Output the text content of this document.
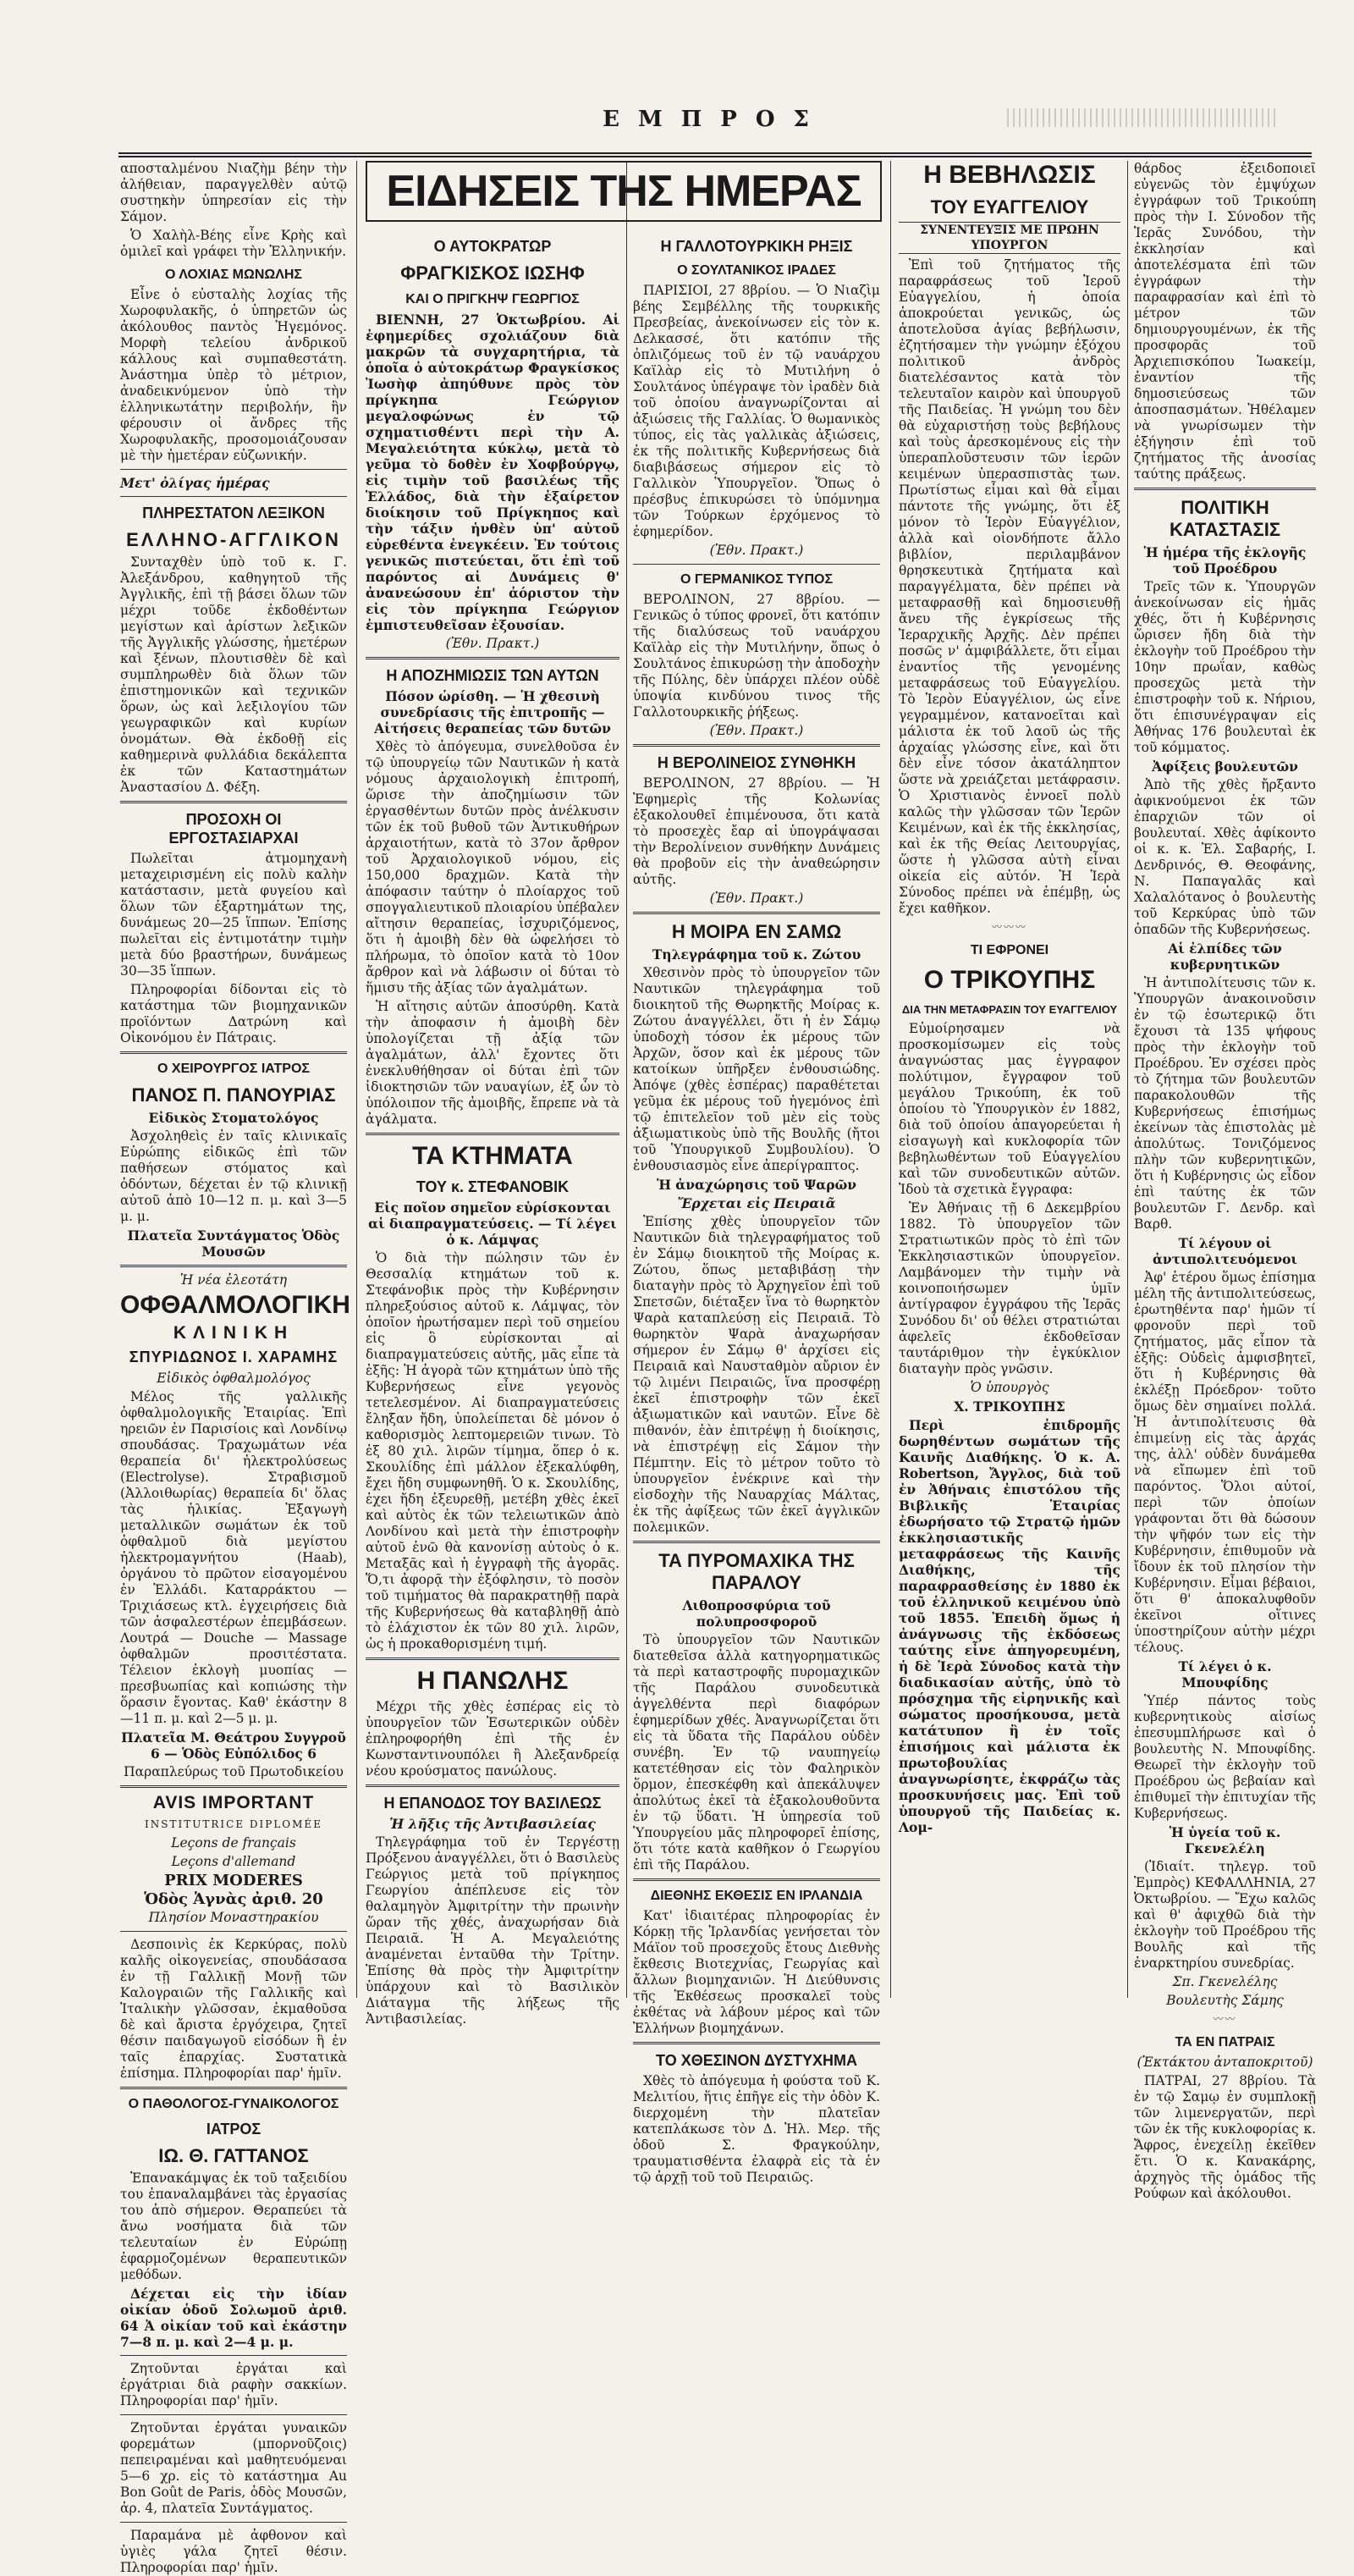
ΕΜΠΡΟΣ

αποσταλμένου Νιαζὴμ βέην τὴν ἀλήθειαν, παραγγελθὲν αὐτῷ συστηκὴν ὑπηρεσίαν εἰς τὴν Σάμον.

Ὁ Χαλὴλ-Βέης εἶνε Κρὴς καὶ ὁμιλεῖ καὶ γράφει τὴν Ἑλληνικήν.

Ο ΛΟΧΙΑΣ ΜΩΝΩΛΗΣ

Εἶνε ὁ εὐσταλὴς λοχίας τῆς Χωροφυλακῆς, ὁ ὑπηρετῶν ὡς ἀκόλουθος παντὸς Ἡγεμόνος. Μορφὴ τελείου ἀνδρικοῦ κάλλους καὶ συμπαθεστάτη. Ἀνάστημα ὑπὲρ τὸ μέτριον, ἀναδεικνύμενον ὑπὸ τὴν ἑλληνικωτάτην περιβολήν, ἣν φέρουσιν οἱ ἄνδρες τῆς Χωροφυλακῆς, προσομοιάζουσαν μὲ τὴν ἡμετέραν εὐζωνικήν.

Μετ' ὀλίγας ἡμέρας

ΠΛΗΡΕΣΤΑΤΟΝ ΛΕΞΙΚΟΝ
ΕΛΛΗΝΟ-ΑΓΓΛΙΚΟΝ

Συνταχθὲν ὑπὸ τοῦ κ. Γ. Ἀλεξάνδρου, καθηγητοῦ τῆς Ἀγγλικῆς, ἐπὶ τῇ βάσει ὅλων τῶν μέχρι τοῦδε ἐκδοθέντων μεγίστων καὶ ἀρίστων λεξικῶν τῆς Ἀγγλικῆς γλώσσης, ἡμετέρων καὶ ξένων, πλουτισθὲν δὲ καὶ συμπληρωθὲν διὰ ὅλων τῶν ἐπιστημονικῶν καὶ τεχνικῶν ὅρων, ὡς καὶ λεξιλογίου τῶν γεωγραφικῶν καὶ κυρίων ὀνομάτων. Θὰ ἐκδοθῇ εἰς καθημερινὰ φυλλάδια δεκάλεπτα ἐκ τῶν Καταστημάτων Ἀναστασίου Δ. Φέξη.

ΠΡΟΣΟΧΗ ΟΙ ΕΡΓΟΣΤΑΣΙΑΡΧΑΙ

Πωλεῖται ἀτμομηχανὴ μεταχειρισμένη εἰς πολὺ καλὴν κατάστασιν, μετὰ φυγείου καὶ ὅλων τῶν ἐξαρτημάτων της, δυνάμεως 20—25 ἵππων. Ἐπίσης πωλεῖται εἰς ἐντιμοτάτην τιμὴν μετὰ δύο βραστήρων, δυνάμεως 30—35 ἵππων.

Πληροφορίαι δίδονται εἰς τὸ κατάστημα τῶν βιομηχανικῶν προϊόντων Δατρώνη καὶ Οἰκονόμου ἐν Πάτραις.

Ο ΧΕΙΡΟΥΡΓΟΣ ΙΑΤΡΟΣ
ΠΑΝΟΣ Π. ΠΑΝΟΥΡΙΑΣ

Εἰδικὸς Στοματολόγος

Ἀσχοληθεὶς ἐν ταῖς κλινικαῖς Εὐρώπης εἰδικῶς ἐπὶ τῶν παθήσεων στόματος καὶ ὀδόντων, δέχεται ἐν τῷ κλινικῇ αὐτοῦ ἀπὸ 10—12 π. μ. καὶ 3—5 μ. μ.

Πλατεῖα Συντάγματος Ὁδὸς Μουσῶν

Ἡ νέα ἐλεοτάτη

ΟΦΘΑΛΜΟΛΟΓΙΚΗ
ΚΛΙΝΙΚΗ
ΣΠΥΡΙΔΩΝΟΣ Ι. ΧΑΡΑΜΗΣ

Εἰδικὸς ὀφθαλμολόγος

Μέλος τῆς γαλλικῆς ὀφθαλμολογικῆς Ἑταιρίας. Ἐπὶ ηρειῶν ἐν Παρισίοις καὶ Λονδίνῳ σπουδάσας. Τραχωμάτων νέα θεραπεία δι' ἠλεκτρολύσεως (Electrolyse). Στραβισμοῦ (Ἀλλοιθωρίας) θεραπεία δι' ὅλας τὰς ἡλικίας. Ἐξαγωγὴ μεταλλικῶν σωμάτων ἐκ τοῦ ὀφθαλμοῦ διὰ μεγίστου ἠλεκτρομαγνήτου (Haab), ὀργάνου τὸ πρῶτον εἰσαγομένου ἐν Ἑλλάδι. Καταρράκτου — Τριχιάσεως κτλ. ἐγχειρήσεις διὰ τῶν ἀσφαλεστέρων ἐπεμβάσεων. Λουτρά — Douche — Massage ὀφθαλμῶν προσιτέστατα. Τέλειον ἐκλογὴ μυοπίας — πρεσβυωπίας καὶ κοπιώσης τὴν ὅρασιν ἔγοντας. Καθ' ἑκάστην 8—11 π. μ. καὶ 2—5 μ. μ.

Πλατεῖα Μ. Θεάτρου Συγγροῦ 6 — Ὁδὸς Εὐπόλιδος 6

Παραπλεύρως τοῦ Πρωτοδικείου

AVIS IMPORTANT

INSTITUTRICE DIPLOMÉE

Leçons de français

Leçons d'allemand

PRIX MODERES

Ὁδὸς Ἁγνὰς ἀριθ. 20

Πλησίον Μοναστηρακίου

Δεσποινὶς ἐκ Κερκύρας, πολὺ καλῆς οἰκογενείας, σπουδάσασα ἐν τῇ Γαλλικῇ Μονῇ τῶν Καλογραιῶν τῆς Γαλλικῆς καὶ Ἰταλικὴν γλῶσσαν, ἐκμαθοῦσα δὲ καὶ ἄριστα ἐργόχειρα, ζητεῖ θέσιν παιδαγωγοῦ εἰσόδων ἢ ἐν ταῖς ἐπαρχίας. Συστατικὰ ἐπίσημα. Πληροφορίαι παρ' ἡμῖν.

Ο ΠΑΘΟΛΟΓΟΣ-ΓΥΝΑΙΚΟΛΟΓΟΣ
ΙΑΤΡΟΣ
ΙΩ. Θ. ΓΑΤΤΑΝΟΣ

Ἐπανακάμψας ἐκ τοῦ ταξειδίου του ἐπαναλαμβάνει τὰς ἐργασίας του ἀπὸ σήμερον. Θεραπεύει τὰ ἄνω νοσήματα διὰ τῶν τελευταίων ἐν Εὐρώπῃ ἐφαρμοζομένων θεραπευτικῶν μεθόδων.

Δέχεται εἰς τὴν ἰδίαν οἰκίαν ὁδοῦ Σολωμοῦ ἀριθ. 64 Ἀ οἰκίαν τοῦ καὶ ἑκάστην 7—8 π. μ. καὶ 2—4 μ. μ.

Ζητοῦνται ἐργάται καὶ ἐργάτριαι διὰ ραφὴν σακκίων. Πληροφορίαι παρ' ἡμῖν.

Ζητοῦνται ἐργάται γυναικῶν φορεμάτων (μπορνοῦζοις) πεπειραμέναι καὶ μαθητευόμεναι 5—6 χρ. εἰς τὸ κατάστημα Au Bon Goût de Paris, ὁδὸς Μουσῶν, ἀρ. 4, πλατεῖα Συντάγματος.

Παραμάνα μὲ ἀφθονον καὶ ὑγιὲς γάλα ζητεῖ θέσιν. Πληροφορίαι παρ' ἡμῖν.

ΕΙΔΗΣΕΙΣ ΤΗΣ ΗΜΕΡΑΣ
Ο ΑΥΤΟΚΡΑΤΩΡ
ΦΡΑΓΚΙΣΚΟΣ ΙΩΣΗΦ
ΚΑΙ Ο ΠΡΙΓΚΗΨ ΓΕΩΡΓΙΟΣ

ΒΙΕΝΝΗ, 27 Ὀκτωβρίου. Αἱ ἐφημερίδες σχολιάζουν διὰ μακρῶν τὰ συγχαρητήρια, τὰ ὁποῖα ὁ αὐτοκράτωρ Φραγκίσκος Ἰωσὴφ ἀπηύθυνε πρὸς τὸν πρίγκηπα Γεώργιον μεγαλοφώνως ἐν τῷ σχηματισθέντι περὶ τὴν Α. Μεγαλειότητα κύκλῳ, μετὰ τὸ γεῦμα τὸ δοθὲν ἐν Χοφβούργῳ, εἰς τιμὴν τοῦ βασιλέως τῆς Ἑλλάδος, διὰ τὴν ἐξαίρετον διοίκησιν τοῦ Πρίγκηπος καὶ τὴν τάξιν ἡνθὲν ὑπ' αὐτοῦ εὑρεθέντα ἐνεγκέειν. Ἐν τούτοις γενικῶς πιστεύεται, ὅτι ἐπὶ τοῦ παρόντος αἱ Δυνάμεις θ' ἀνανεώσουν ἐπ' ἀόριστον τὴν εἰς τὸν πρίγκηπα Γεώργιον ἐμπιστευθεῖσαν ἐξουσίαν.

(Ἐθν. Πρακτ.)

Η ΑΠΟΖΗΜΙΩΣΙΣ ΤΩΝ ΑΥΤΩΝ

Πόσον ὡρίσθη. — Ἡ χθεσινὴ συνεδρίασις τῆς ἐπιτροπῆς — Αἰτήσεις θεραπείας τῶν δυτῶν

Χθὲς τὸ ἀπόγευμα, συνελθοῦσα ἐν τῷ ὑπουργείῳ τῶν Ναυτικῶν ἡ κατὰ νόμους ἀρχαιολογικὴ ἐπιτροπή, ὥρισε τὴν ἀποζημίωσιν τῶν ἐργασθέντων δυτῶν πρὸς ἀνέλκυσιν τῶν ἐκ τοῦ βυθοῦ τῶν Ἀντικυθήρων ἀρχαιοτήτων, κατὰ τὸ 37ον ἄρθρον τοῦ Ἀρχαιολογικοῦ νόμου, εἰς 150,000 δραχμῶν. Κατὰ τὴν ἀπόφασιν ταύτην ὁ πλοίαρχος τοῦ σπογγαλιευτικοῦ πλοιαρίου ὑπέβαλεν αἴτησιν θεραπείας, ἰσχυριζόμενος, ὅτι ἡ ἀμοιβὴ δὲν θὰ ὠφελήσει τὸ πλήρωμα, τὸ ὁποῖον κατὰ τὸ 10ον ἄρθρον καὶ νὰ λάβωσιν οἱ δύται τὸ ἥμισυ τῆς ἀξίας τῶν ἀγαλμάτων.

Ἡ αἴτησις αὐτῶν ἀποσύρθη. Κατὰ τὴν ἀποφασιν ἡ ἀμοιβὴ δὲν ὑπολογίζεται τῇ ἀξίᾳ τῶν ἀγαλμάτων, ἀλλ' ἔχοντες ὅτι ἐνεκλυθήθησαν οἱ δύται ἐπὶ τῶν ἰδιοκτησιῶν τῶν ναυαγίων, ἐξ ὧν τὸ ὑπόλοιπον τῆς ἀμοιβῆς, ἔπρεπε νὰ τὰ ἀγάλματα.

ΤΑ ΚΤΗΜΑΤΑ
ΤΟΥ κ. ΣΤΕΦΑΝΟΒΙΚ

Εἰς ποῖον σημεῖον εὑρίσκονται αἱ διαπραγματεύσεις. — Τί λέγει ὁ κ. Λάμψας

Ὁ διὰ τὴν πώλησιν τῶν ἐν Θεσσαλίᾳ κτημάτων τοῦ κ. Στεφάνοβικ πρὸς τὴν Κυβέρνησιν πληρεξούσιος αὐτοῦ κ. Λάμψας, τὸν ὁποῖον ἠρωτήσαμεν περὶ τοῦ σημείου εἰς ὃ εὑρίσκονται αἱ διαπραγματεύσεις αὐτῆς, μᾶς εἶπε τὰ ἑξῆς: Ἡ ἀγορὰ τῶν κτημάτων ὑπὸ τῆς Κυβερνήσεως εἶνε γεγονὸς τετελεσμένον. Αἱ διαπραγματεύσεις ἔληξαν ἤδη, ὑπολείπεται δὲ μόνον ὁ καθορισμὸς λεπτομερειῶν τινων. Τὸ ἐξ 80 χιλ. λιρῶν τίμημα, ὅπερ ὁ κ. Σκουλίδης ἐπὶ μάλλον ἐξεκαλύφθη, ἔχει ἤδη συμφωνηθῆ. Ὁ κ. Σκουλίδης, ἐχει ἤδη ἐξευρεθῇ, μετέβη χθὲς ἐκεῖ καὶ αὐτὸς ἐκ τῶν τελειωτικῶν ἀπὸ Λονδίνου καὶ μετὰ τὴν ἐπιστροφὴν αὐτοῦ ἐνῶ θὰ κανονίσῃ αὐτοὺς ὁ κ. Μεταξᾶς καὶ ἡ ἐγγραφὴ τῆς ἀγορᾶς. Ὅ,τι ἀφορᾷ τὴν ἐξόφλησιν, τὸ ποσὸν τοῦ τιμήματος θὰ παρακρατηθῇ παρὰ τῆς Κυβερνήσεως θὰ καταβληθῇ ἀπὸ τὸ ἐλάχιστον ἐκ τῶν 80 χιλ. λιρῶν, ὡς ἡ προκαθορισμένη τιμή.

Η ΠΑΝΩΛΗΣ

Μέχρι τῆς χθὲς ἑσπέρας εἰς τὸ ὑπουργεῖον τῶν Ἐσωτερικῶν οὐδὲν ἐπληροφορήθη ἐπὶ τῆς ἐν Κωνσταντινουπόλει ἢ Ἀλεξανδρείᾳ νέου κρούσματος πανώλους.

Η ΕΠΑΝΟΔΟΣ ΤΟΥ ΒΑΣΙΛΕΩΣ

Ἡ λῆξις τῆς Ἀντιβασιλείας

Τηλεγράφημα τοῦ ἐν Τεργέστῃ Πρόξενου ἀναγγέλλει, ὅτι ὁ Βασιλεὺς Γεώργιος μετὰ τοῦ πρίγκηπος Γεωργίου ἀπέπλευσε εἰς τὸν θαλαμηγὸν Ἀμφιτρίτην τὴν πρωινὴν ὥραν τῆς χθές, ἀναχωρήσαν διὰ Πειραιᾶ. Ἡ Α. Μεγαλειότης ἀναμένεται ἐνταῦθα τὴν Τρίτην. Ἐπίσης θὰ πρὸς τὴν Ἀμφιτρίτην ὑπάρχουν καὶ τὸ Βασιλικὸν Διάταγμα τῆς λήξεως τῆς Ἀντιβασιλείας.

Η ΓΑΛΛΟΤΟΥΡΚΙΚΗ ΡΗΞΙΣ
Ο ΣΟΥΛΤΑΝΙΚΟΣ ΙΡΑΔΕΣ

ΠΑΡΙΣΙΟΙ, 27 8βρίου. — Ὁ Νιαζὶμ βέης Σεμβέλλης τῆς τουρκικῆς Πρεσβείας, ἀνεκοίνωσεν εἰς τὸν κ. Δελκασσέ, ὅτι κατόπιν τῆς ὀπλιζόμεως τοῦ ἐν τῷ ναυάρχου Καϊλὰρ εἰς τὸ Μυτιλήνη ὁ Σουλτάνος ὑπέγραψε τὸν ἰραδὲν διὰ τοῦ ὁποίου ἀναγνωρίζονται αἱ ἀξιώσεις τῆς Γαλλίας. Ὁ θωμανικὸς τύπος, εἰς τὰς γαλλικὰς ἀξιώσεις, ἐκ τῆς πολιτικῆς Κυβερνήσεως διὰ διαβιβάσεως σήμερον εἰς τὸ Γαλλικὸν Ὑπουργεῖον. Ὅπως ὁ πρέσβυς ἐπικυρώσει τὸ ὑπόμνημα τῶν Τούρκων ἐρχόμενος τὸ ἐφημερίδον.

(Ἐθν. Πρακτ.)

Ο ΓΕΡΜΑΝΙΚΟΣ ΤΥΠΟΣ

ΒΕΡΟΛΙΝΟΝ, 27 8βρίου. — Γενικῶς ὁ τύπος φρονεῖ, ὅτι κατόπιν τῆς διαλύσεως τοῦ ναυάρχου Καϊλὰρ εἰς τὴν Μυτιλήνην, ὅπως ὁ Σουλτάνος ἐπικυρώσῃ τὴν ἀποδοχὴν τῆς Πύλης, δὲν ὑπάρχει πλέον οὐδὲ ὑποψία κινδύνου τινος τῆς Γαλλοτουρκικῆς ῥήξεως.

(Ἐθν. Πρακτ.)

Η ΒΕΡΟΛΙΝΕΙΟΣ ΣΥΝΘΗΚΗ

ΒΕΡΟΛΙΝΟΝ, 27 8βρίου. — Ἡ Ἐφημερὶς τῆς Κολωνίας ἐξακολουθεῖ ἐπιμένουσα, ὅτι κατὰ τὸ προσεχὲς ἔαρ αἱ ὑπογράψασαι τὴν Βερολίνειον συνθήκην Δυνάμεις θὰ προβοῦν εἰς τὴν ἀναθεώρησιν αὐτῆς.

(Ἐθν. Πρακτ.)

Η ΜΟΙΡΑ ΕΝ ΣΑΜΩ

Τηλεγράφημα τοῦ κ. Ζώτου

Χθεσινὸν πρὸς τὸ ὑπουργεῖον τῶν Ναυτικῶν τηλεγράφημα τοῦ διοικητοῦ τῆς Θωρηκτῆς Μοίρας κ. Ζώτου ἀναγγέλλει, ὅτι ἡ ἐν Σάμῳ ὑποδοχὴ τόσον ἐκ μέρους τῶν Ἀρχῶν, ὅσον καὶ ἐκ μέρους τῶν κατοίκων ὑπῆρξεν ἐνθουσιώδης. Ἀπόψε (χθὲς ἑσπέρας) παραθέτεται γεῦμα ἐκ μέρους τοῦ ἡγεμόνος ἐπὶ τῷ ἐπιτελεῖον τοῦ μὲν εἰς τοὺς ἀξιωματικοὺς ὑπὸ τῆς Βουλῆς (ἤτοι τοῦ Ὑπουργικοῦ Συμβουλίου). Ὁ ἐνθουσιασμὸς εἶνε ἀπερίγραπτος.

Ἡ ἀναχώρησις τοῦ Ψαρῶν

Ἔρχεται εἰς Πειραιᾶ

Ἐπίσης χθὲς ὑπουργεῖον τῶν Ναυτικῶν διὰ τηλεγραφήματος τοῦ ἐν Σάμῳ διοικητοῦ τῆς Μοίρας κ. Ζώτου, ὅπως μεταβιβάσῃ τὴν διαταγὴν πρὸς τὸ Ἀρχηγεῖον ἐπὶ τοῦ Σπετσῶν, διέταξεν ἵνα τὸ θωρηκτὸν Ψαρὰ καταπλεύσῃ εἰς Πειραιᾶ. Τὸ θωρηκτὸν Ψαρὰ ἀναχωρήσαν σήμερον ἐν Σάμῳ θ' ἀρχίσει εἰς Πειραιᾶ καὶ Ναυσταθμὸν αὔριον ἐν τῷ λιμένι Πειραιῶς, ἵνα προσφέρῃ ἐκεῖ ἐπιστροφὴν τῶν ἐκεῖ ἀξιωματικῶν καὶ ναυτῶν. Εἶνε δὲ πιθανόν, ἐὰν ἐπιτρέψῃ ἡ διοίκησις, νὰ ἐπιστρέψῃ εἰς Σάμον τὴν Πέμπτην. Εἰς τὸ μέτρον τοῦτο τὸ ὑπουργεῖον ἐνέκρινε καὶ τὴν εἰσδοχὴν τῆς Ναυαρχίας Μάλτας, ἐκ τῆς ἀφίξεως τῶν ἐκεῖ ἀγγλικῶν πολεμικῶν.

ΤΑ ΠΥΡΟΜΑΧΙΚΑ ΤΗΣ ΠΑΡΑΛΟΥ

Λιθοπροσφύρια τοῦ πολυπροσφοροῦ

Τὸ ὑπουργεῖον τῶν Ναυτικῶν διατεθεῖσα ἀλλὰ κατηγορηματικῶς τὰ περὶ καταστροφῆς πυρομαχικῶν τῆς Παράλου συνοδευτικὰ ἀγγελθέντα περὶ διαφόρων ἐφημερίδων χθές. Ἀναγνωρίζεται ὅτι εἰς τὰ ὕδατα τῆς Παράλου οὐδὲν συνέβη. Ἐν τῷ ναυπηγείῳ κατετέθησαν εἰς τὸν Φαληρικὸν ὅρμον, ἐπεσκέφθη καὶ ἀπεκάλυψεν ἀπολύτως ἐκεῖ τὰ ἐξακολουθοῦντα ἐν τῷ ὕδατι. Ἡ ὑπηρεσία τοῦ Ὑπουργείου μᾶς πληροφορεῖ ἐπίσης, ὅτι τότε κατὰ καθῆκον ὁ Γεωργίου ἐπὶ τῆς Παράλου.

ΔΙΕΘΝΗΣ ΕΚΘΕΣΙΣ ΕΝ ΙΡΛΑΝΔΙΑ

Κατ' ἰδιαιτέρας πληροφορίας ἐν Κόρκῃ τῆς Ἰρλανδίας γενήσεται τὸν Μάϊον τοῦ προσεχοῦς ἔτους Διεθνὴς ἔκθεσις Βιοτεχνίας, Γεωργίας καὶ ἄλλων βιομηχανιῶν. Ἡ Διεύθυνσις τῆς Ἐκθέσεως προσκαλεῖ τοὺς ἐκθέτας νὰ λάβουν μέρος καὶ τῶν Ἑλλήνων βιομηχάνων.

ΤΟ ΧΘΕΣΙΝΟΝ ΔΥΣΤΥΧΗΜΑ

Χθὲς τὸ ἀπόγευμα ἡ φούστα τοῦ Κ. Μελιτίου, ἥτις ἐπῆγε εἰς τὴν ὁδὸν Κ. διερχομένη τὴν πλατεῖαν κατεπλάκωσε τὸν Δ. Ἠλ. Μερ. τῆς ὁδοῦ Σ. Φραγκούλην, τραυματισθέντα ἐλαφρὰ εἰς τὰ ἐν τῷ ἀρχῇ τοῦ τοῦ Πειραιῶς.

Η ΒΕΒΗΛΩΣΙΣ
ΤΟΥ ΕΥΑΓΓΕΛΙΟΥ
ΣΥΝΕΝΤΕΥΞΙΣ ΜΕ ΠΡΩΗΝ ΥΠΟΥΡΓΟΝ

Ἐπὶ τοῦ ζητήματος τῆς παραφράσεως τοῦ Ἱεροῦ Εὐαγγελίου, ἡ ὁποία ἀποκρούεται γενικῶς, ὡς ἀποτελοῦσα ἁγίας βεβήλωσιν, ἐζητήσαμεν τὴν γνώμην ἐξόχου πολιτικοῦ ἀνδρὸς διατελέσαντος κατὰ τὸν τελευταῖον καιρὸν καὶ ὑπουργοῦ τῆς Παιδείας. Ἡ γνώμη του δὲν θὰ εὐχαριστήσῃ τοὺς βεβήλους καὶ τοὺς ἀρεσκομένους εἰς τὴν ὑπεραπλοῦστευσιν τῶν ἱερῶν κειμένων ὑπερασπιστὰς των. Πρωτίστως εἶμαι καὶ θὰ εἶμαι πάντοτε τῆς γνώμης, ὅτι ἐξ μόνον τὸ Ἱερὸν Εὐαγγέλιον, ἀλλὰ καὶ οἱονδήποτε ἄλλο βιβλίον, περιλαμβάνον θρησκευτικὰ ζητήματα καὶ παραγγέλματα, δὲν πρέπει νὰ μεταφρασθῇ καὶ δημοσιευθῇ ἄνευ τῆς ἐγκρίσεως τῆς Ἱεραρχικῆς Ἀρχῆς. Δὲν πρέπει ποσῶς ν' ἀμφιβάλλετε, ὅτι εἶμαι ἐναντίος τῆς γενομένης μεταφράσεως τοῦ Εὐαγγελίου. Τὸ Ἱερὸν Εὐαγγέλιον, ὡς εἶνε γεγραμμένον, κατανοεῖται καὶ μάλιστα ἐκ τοῦ λαοῦ ὡς τῆς ἀρχαίας γλώσσης εἶνε, καὶ ὅτι δὲν εἶνε τόσον ἀκατάληπτον ὥστε νὰ χρειάζεται μετάφρασιν. Ὁ Χριστιανὸς ἐννοεῖ πολὺ καλῶς τὴν γλῶσσαν τῶν Ἱερῶν Κειμένων, καὶ ἐκ τῆς ἐκκλησίας, καὶ ἐκ τῆς Θείας Λειτουργίας, ὥστε ἡ γλῶσσα αὐτὴ εἶναι οἰκεία εἰς αὐτόν. Ἡ Ἱερὰ Σύνοδος πρέπει νὰ ἐπέμβῃ, ὡς ἔχει καθῆκον.

〰〰〰
ΤΙ ΕΦΡΟΝΕΙ
Ο ΤΡΙΚΟΥΠΗΣ
ΔΙΑ ΤΗΝ ΜΕΤΑΦΡΑΣΙΝ ΤΟΥ ΕΥΑΓΓΕΛΙΟΥ

Εὐμοίρησαμεν νὰ προσκομίσωμεν εἰς τοὺς ἀναγνώστας μας ἐγγραφον πολύτιμον, ἔγγραφον τοῦ μεγάλου Τρικούπη, ἐκ τοῦ ὁποίου τὸ Ὑπουργικὸν ἐν 1882, διὰ τοῦ ὁποίου ἀπαγορεύεται ἡ εἰσαγωγὴ καὶ κυκλοφορία τῶν βεβηλωθέντων τοῦ Εὐαγγελίου καὶ τῶν συνοδευτικῶν αὐτῶν. Ἰδοὺ τὰ σχετικὰ ἔγγραφα:

Ἐν Ἀθήναις τῇ 6 Δεκεμβρίου 1882. Τὸ ὑπουργεῖον τῶν Στρατιωτικῶν πρὸς τὸ ἐπὶ τῶν Ἐκκλησιαστικῶν ὑπουργεῖον. Λαμβάνομεν τὴν τιμὴν νὰ κοινοποιήσωμεν ὑμῖν ἀντίγραφον ἐγγράφου τῆς Ἱερᾶς Συνόδου δι' οὗ θέλει στρατιώται ἀφελεῖς ἐκδοθεῖσαν ταυτάριθμον τὴν ἐγκύκλιον διαταγὴν πρὸς γνῶσιν.

Ὁ ὑπουργὸς

Χ. ΤΡΙΚΟΥΠΗΣ

Περὶ ἐπιδρομῆς δωρηθέντων σωμάτων τῆς Καινῆς Διαθήκης. Ὁ κ. Α. Robertson, Ἄγγλος, διὰ τοῦ ἐν Ἀθήναις ἐπιστόλου τῆς Βιβλικῆς Ἑταιρίας ἐδωρήσατο τῷ Στρατῷ ἡμῶν ἐκκλησιαστικῆς μεταφράσεως τῆς Καινῆς Διαθήκης, τῆς παραφρασθείσης ἐν 1880 ἐκ τοῦ ἑλληνικοῦ κειμένου ὑπὸ τοῦ 1855. Ἐπειδὴ ὅμως ἡ ἀνάγνωσις τῆς ἐκδόσεως ταύτης εἶνε ἀπηγορευμένη, ἡ δὲ Ἱερὰ Σύνοδος κατὰ τὴν διαδικασίαν αὐτῆς, ὑπὸ τὸ πρόσχημα τῆς εἰρηνικῆς καὶ σώματος προσήκουσα, μετὰ κατάτυπον ἢ ἐν τοῖς ἐπισήμοις καὶ μάλιστα ἐκ πρωτοβουλίας ἀναγνωρίσητε, ἐκφράζω τὰς προσκυνήσεις μας. Ἐπὶ τοῦ ὑπουργοῦ τῆς Παιδείας κ. Λομ-

θάρδος ἐξειδοποιεῖ εὐγενῶς τὸν ἐμψύχων ἐγγράφων τοῦ Τρικούπη πρὸς τὴν Ι. Σύνοδον τῆς Ἱερᾶς Συνόδου, τὴν ἐκκλησίαν καὶ ἀποτελέσματα ἐπὶ τῶν ἐγγράφων τὴν παραφρασίαν καὶ ἐπὶ τὸ μέτρον τῶν δημιουργουμένων, ἐκ τῆς προσφορᾶς τοῦ Ἀρχιεπισκόπου Ἰωακείμ, ἐναντίον τῆς δημοσιεύσεως τῶν ἀποσπασμάτων. Ἠθέλαμεν νὰ γνωρίσωμεν τὴν ἐξήγησιν ἐπὶ τοῦ ζητήματος τῆς ἀνοσίας ταύτης πράξεως.

ΠΟΛΙΤΙΚΗ ΚΑΤΑΣΤΑΣΙΣ

Ἡ ἡμέρα τῆς ἐκλογῆς τοῦ Προέδρου

Τρεῖς τῶν κ. Ὑπουργῶν ἀνεκοίνωσαν εἰς ἡμᾶς χθές, ὅτι ἡ Κυβέρνησις ὥρισεν ἤδη διὰ τὴν ἐκλογὴν τοῦ Προέδρου τὴν 10ην πρωΐαν, καθὼς προσεχῶς μετὰ τὴν ἐπιστροφὴν τοῦ κ. Νήριου, ὅτι ἐπισυνέγραψαν εἰς Ἀθήνας 176 βουλευταὶ ἐκ τοῦ κόμματος.

Ἀφίξεις βουλευτῶν

Ἀπὸ τῆς χθὲς ἤρξαντο ἀφικνούμενοι ἐκ τῶν ἐπαρχιῶν τῶν οἱ βουλευταί. Χθὲς ἀφίκοντο οἱ κ. κ. Ἐλ. Σαβαρής, Ι. Δενδρινός, Θ. Θεοφάνης, Ν. Παπαγαλᾶς καὶ Χαλαλότανος ὁ βουλευτὴς τοῦ Κερκύρας ὑπὸ τῶν ὀπαδῶν τῆς Κυβερνήσεως.

Αἱ ἐλπίδες τῶν κυβερνητικῶν

Ἡ ἀντιπολίτευσις τῶν κ. Ὑπουργῶν ἀνακοινοῦσιν ἐν τῷ ἐσωτερικῷ ὅτι ἔχουσι τὰ 135 ψήφους πρὸς τὴν ἐκλογὴν τοῦ Προέδρου. Ἐν σχέσει πρὸς τὸ ζήτημα τῶν βουλευτῶν παρακολουθῶν τῆς Κυβερνήσεως ἐπισήμως ἐκείνων τὰς ἐπιστολὰς μὲ ἀπολύτως. Τονιζόμενος πλὴν τῶν κυβερνητικῶν, ὅτι ἡ Κυβέρνησις ὡς εἶδον ἐπὶ ταύτης ἐκ τῶν βουλευτῶν Γ. Δενδρ. καὶ Βαρθ.

Τί λέγουν οἱ ἀντιπολιτευόμενοι

Ἀφ' ἑτέρου ὅμως ἐπίσημα μέλη τῆς ἀντιπολιτεύσεως, ἐρωτηθέντα παρ' ἡμῶν τί φρονοῦν περὶ τοῦ ζητήματος, μᾶς εἶπον τὰ ἑξῆς: Οὐδεὶς ἀμφισβητεῖ, ὅτι ἡ Κυβέρνησις θὰ ἐκλέξῃ Πρόεδρον· τοῦτο ὅμως δὲν σημαίνει πολλά. Ἡ ἀντιπολίτευσις θὰ ἐπιμείνῃ εἰς τὰς ἀρχάς της, ἀλλ' οὐδὲν δυνάμεθα νὰ εἴπωμεν ἐπὶ τοῦ παρόντος. Ὅλοι αὐτοί, περὶ τῶν ὁποίων γράφονται ὅτι θὰ δώσουν τὴν ψῆφόν των εἰς τὴν Κυβέρνησιν, ἐπιθυμοῦν νὰ ἴδουν ἐκ τοῦ πλησίον τὴν Κυβέρνησιν. Εἶμαι βέβαιοι, ὅτι θ' ἀποκαλυφθοῦν ἐκεῖνοι οἵτινες ὑποστηρίζουν αὐτὴν μέχρι τέλους.

Τί λέγει ὁ κ. Μπουφίδης

Ὑπέρ πάντος τοὺς κυβερνητικοὺς αἰσίως ἐπεσυμπλήρωσε καὶ ὁ βουλευτὴς Ν. Μπουφίδης. Θεωρεῖ τὴν ἐκλογὴν τοῦ Προέδρου ὡς βεβαίαν καὶ ἐπιθυμεῖ τὴν ἐπιτυχίαν τῆς Κυβερνήσεως.

Ἡ ὑγεία τοῦ κ. Γκενελέλη

(Ἰδιαίτ. τηλεγρ. τοῦ Ἐμπρὸς) ΚΕΦΑΛΛΗΝΙΑ, 27 Ὀκτωβρίου. — Ἔχω καλῶς καὶ θ' ἀφιχθῶ διὰ τὴν ἐκλογὴν τοῦ Προέδρου τῆς Βουλῆς καὶ τῆς ἐναρκτηρίου συνεδρίας.

Σπ. Γκενελέλης

Βουλευτὴς Σάμης

〰〰
ΤΑ ΕΝ ΠΑΤΡΑΙΣ

(Ἐκτάκτου ἀνταποκριτοῦ)

ΠΑΤΡΑΙ, 27 8βρίου. Τὰ ἐν τῷ Σαμῳ ἐν συμπλοκῇ τῶν λιμενεργατῶν, περὶ τῶν ἐκ τῆς κυκλοφορίας κ. Ἄφρος, ἐνεχείλῃ ἐκεῖθεν ἔτι. Ὁ κ. Κανακάρης, ἀρχηγὸς τῆς ὁμάδος τῆς Ρούφων καὶ ἀκόλουθοι.
